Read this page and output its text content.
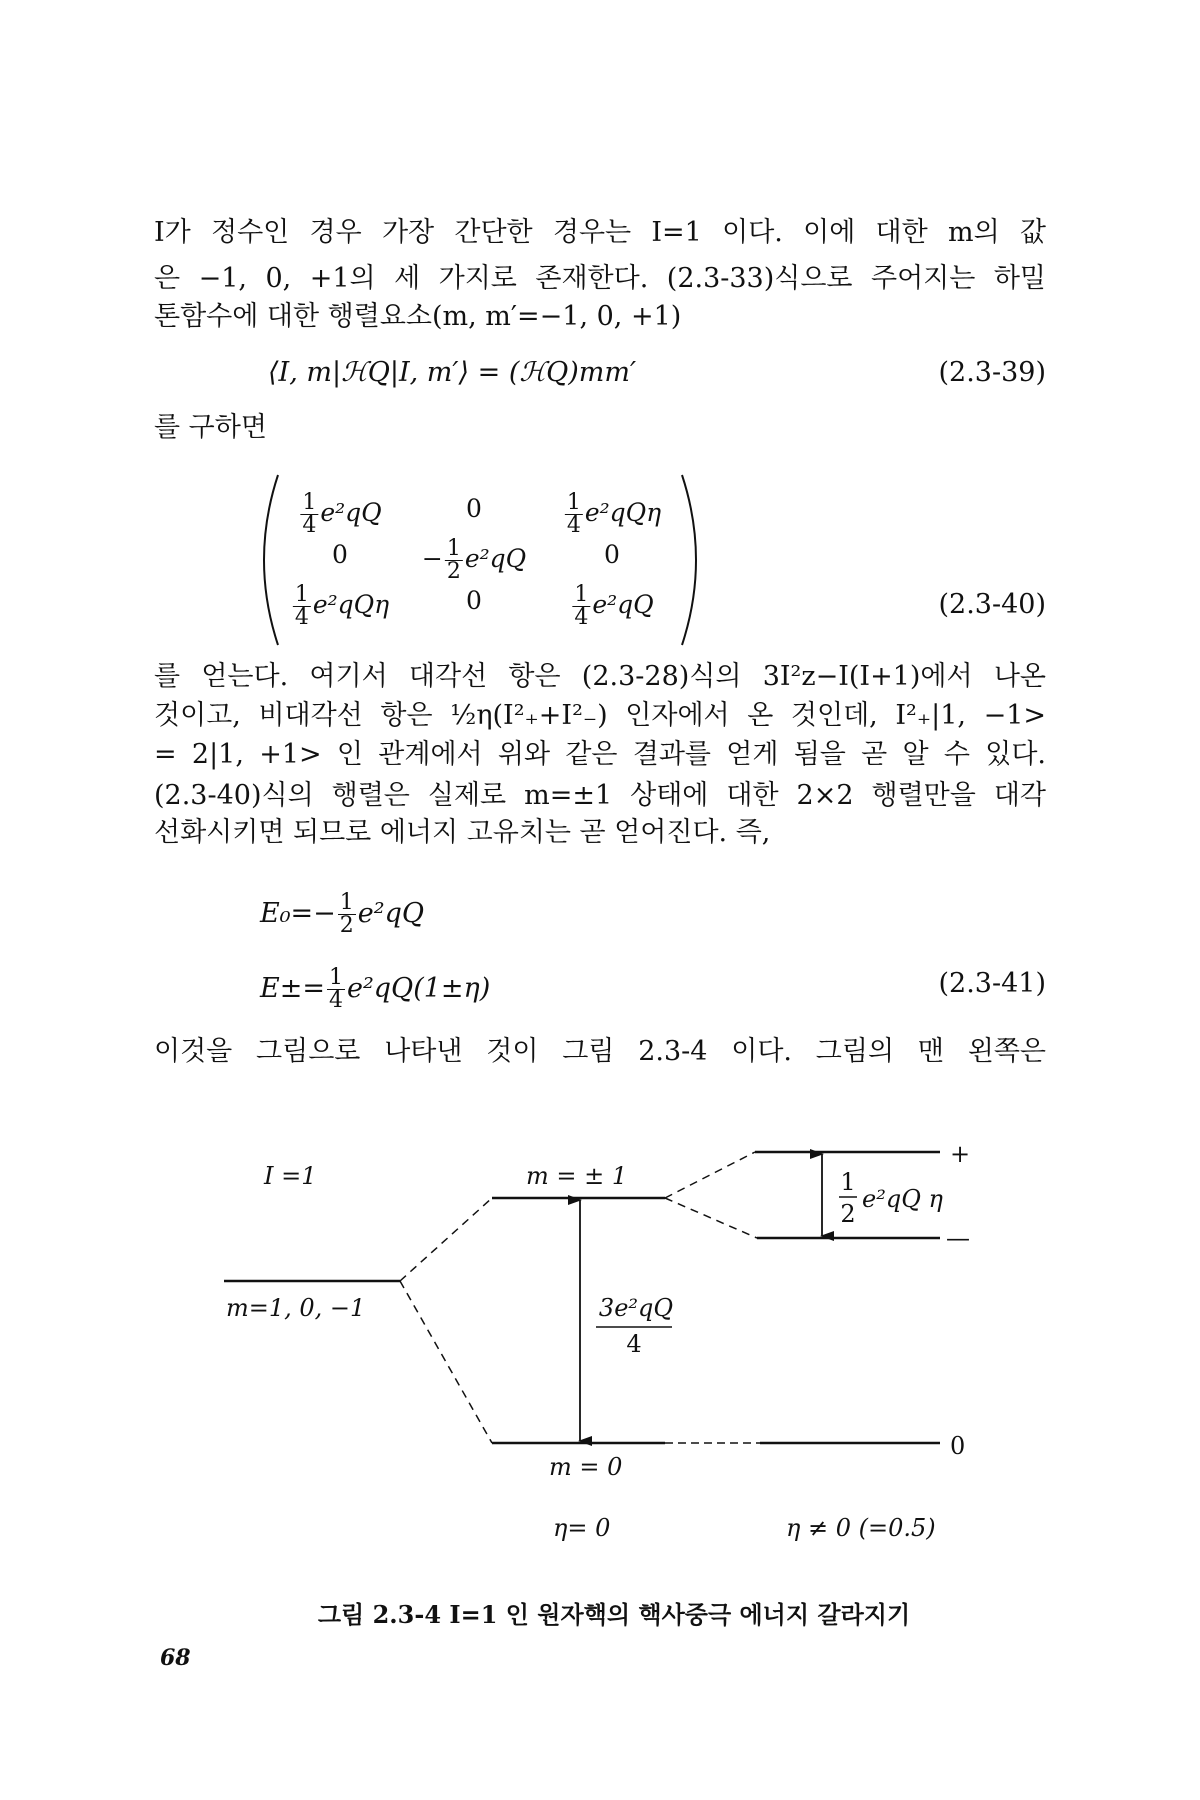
I가 정수인 경우 가장 간단한 경우는 I=1 이다. 이에 대한 m의 값
은 −1, 0, +1의 세 가지로 존재한다. (2.3-33)식으로 주어지는 하밀
톤함수에 대한 행렬요소(m, m′=−1, 0, +1)
⟨I, m|ℋQ|I, m′⟩ = (ℋQ)mm′	(2.3-39)
를 구하면
$\frac{1}{4} e^2qQ$	0	$\frac{1}{4} e^2qQ\eta$
0	− $\frac{1}{2} e^2qQ$	0
$\frac{1}{4} e^2qQ\eta$	0	$\frac{1}{4} e^2qQ$	(2.3-40)
를 얻는다. 여기서 대각선 항은 (2.3-28)식의 3I²z−I(I+1)에서 나온
것이고, 비대각선 항은 ½η(I²₊+I²₋) 인자에서 온 것인데, I²₊|1, −1>
= 2|1, +1> 인 관계에서 위와 같은 결과를 얻게 됨을 곧 알 수 있다.
(2.3-40)식의 행렬은 실제로 m=±1 상태에 대한 2×2 행렬만을 대각
선화시키면 되므로 에너지 고유치는 곧 얻어진다. 즉,
$E_0=- \frac{1}{2} e^2qQ$
$E\pm= \frac{1}{4} e^2qQ(1\pm\eta)$	(2.3-41)
이것을 그림으로 나타낸 것이 그림 2.3-4 이다. 그림의 맨 왼쪽은
I =1
m=1, 0, −1
m = ± 1
m = 0
3e²qQ
4
1
2
e²qQ η
+
—
0
η= 0	η ≠ 0 (=0.5)
그림 2.3-4 I=1 인 원자핵의 핵사중극 에너지 갈라지기
68
